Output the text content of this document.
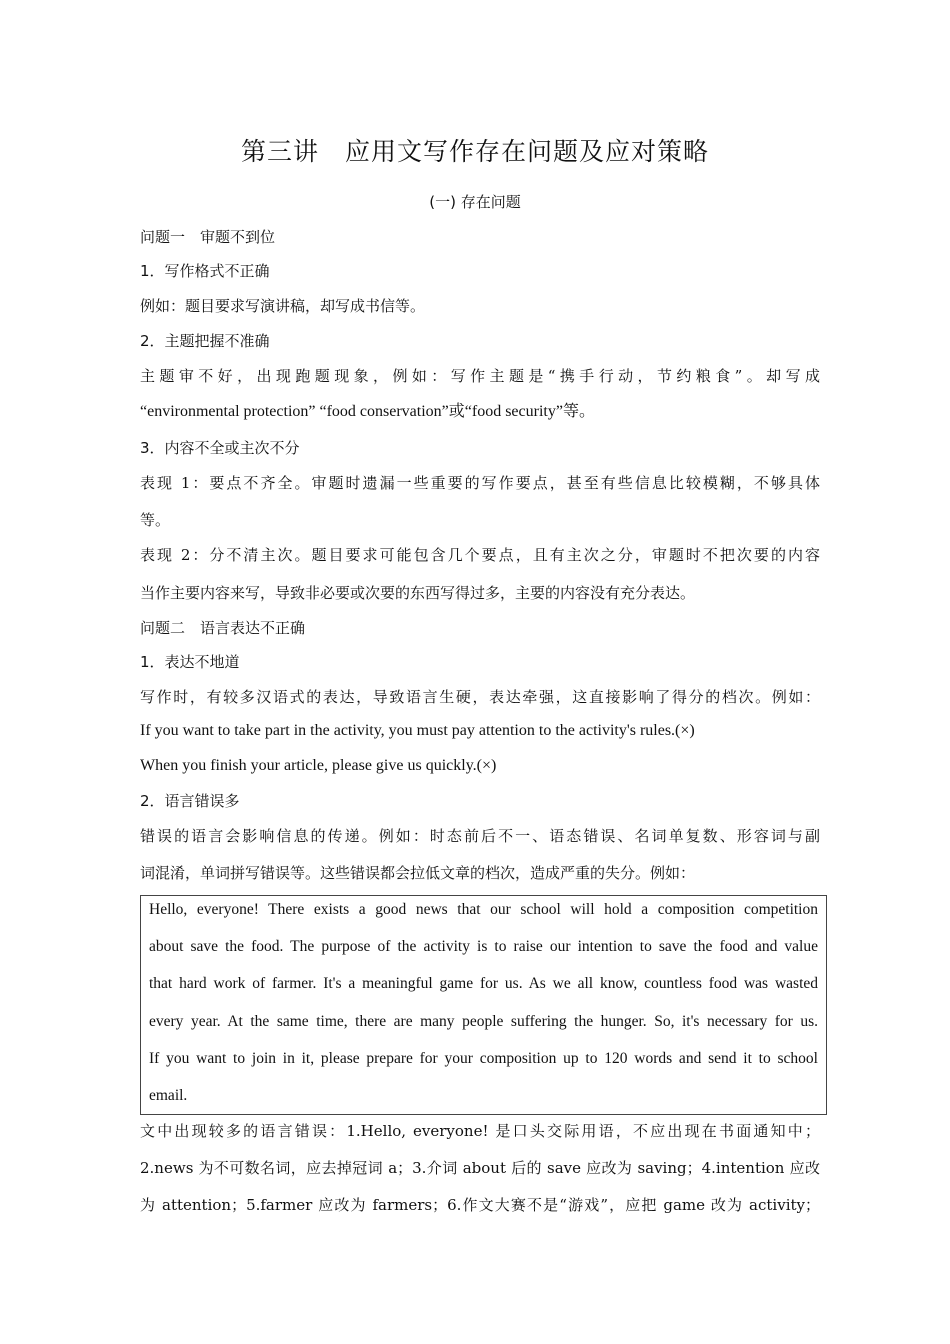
第三讲　应用文写作存在问题及应对策略
(一) 存在问题
问题一　审题不到位
1．写作格式不正确
例如：题目要求写演讲稿，却写成书信等。
2．主题把握不准确
主题审不好，出现跑题现象，例如：写作主题是“携手行动，节约粮食”。却写成
“environmental protection” “food conservation”或“food security”等。
3．内容不全或主次不分
表现 1：要点不齐全。审题时遗漏一些重要的写作要点，甚至有些信息比较模糊，不够具体
等。
表现 2：分不清主次。题目要求可能包含几个要点，且有主次之分，审题时不把次要的内容
当作主要内容来写，导致非必要或次要的东西写得过多，主要的内容没有充分表达。
问题二　语言表达不正确
1．表达不地道
写作时，有较多汉语式的表达，导致语言生硬，表达牵强，这直接影响了得分的档次。例如：
If you want to take part in the activity, you must pay attention to the activity's rules.(×)
When you finish your article, please give us quickly.(×)
2．语言错误多
错误的语言会影响信息的传递。例如：时态前后不一、语态错误、名词单复数、形容词与副
词混淆，单词拼写错误等。这些错误都会拉低文章的档次，造成严重的失分。例如：
Hello, everyone! There exists a good news that our school will hold a composition competition
about save the food. The purpose of the activity is to raise our intention to save the food and value
that hard work of farmer. It's a meaningful game for us. As we all know, countless food was wasted
every year. At the same time, there are many people suffering the hunger. So, it's necessary for us.
If you want to join in it, please prepare for your composition up to 120 words and send it to school
email.
文中出现较多的语言错误：1.Hello, everyone! 是口头交际用语，不应出现在书面通知中；
2.news 为不可数名词，应去掉冠词 a；3.介词 about 后的 save 应改为 saving；4.intention 应改
为 attention；5.farmer 应改为 farmers；6.作文大赛不是“游戏”，应把 game 改为 activity；
